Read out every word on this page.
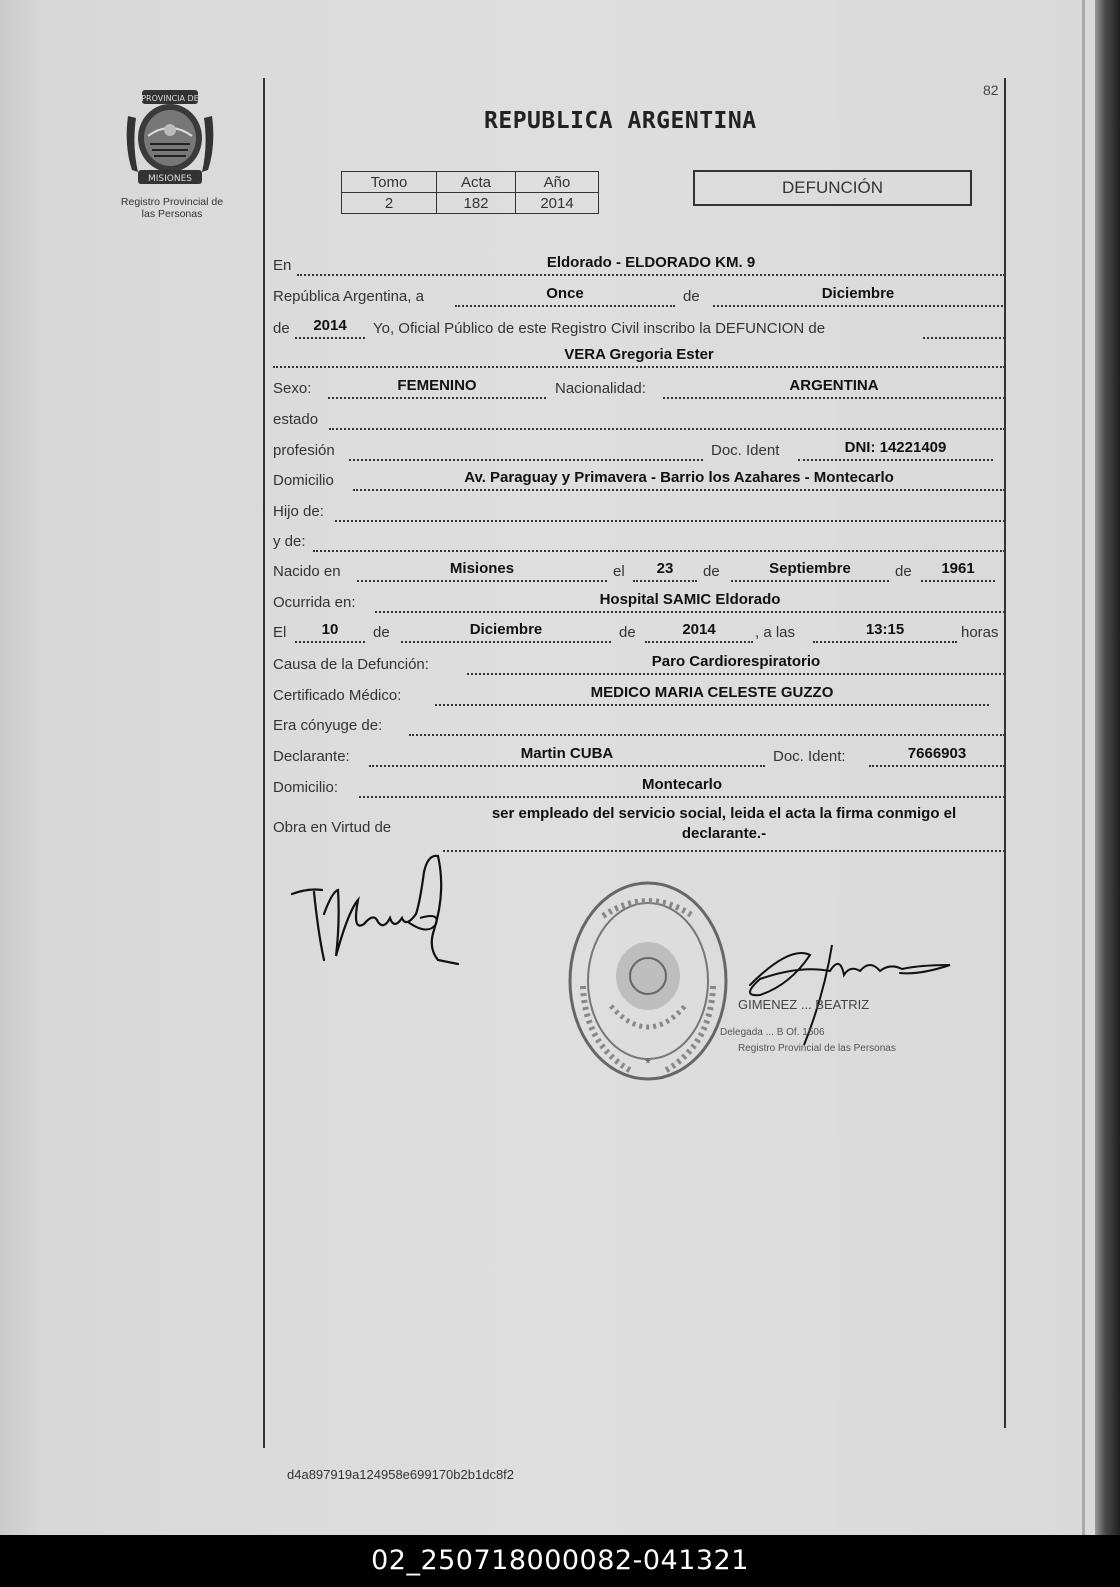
PROVINCIA DE
MISIONES
Registro Provincial de
las Personas
82
REPUBLICA ARGENTINA
Tomo	Acta	Año
2	182	2014
DEFUNCIÓN
En	Eldorado - ELDORADO KM. 9
República Argentina, a	Once	de	Diciembre
de	2014	Yo, Oficial Público de este Registro Civil inscribo la DEFUNCION de
VERA Gregoria Ester
Sexo:	FEMENINO	Nacionalidad:	ARGENTINA
estado
profesión	Doc. Ident	DNI: 14221409
Domicilio	Av. Paraguay y Primavera - Barrio los Azahares - Montecarlo
Hijo de:
y de:
Nacido en	Misiones	el	23	de	Septiembre	de	1961
Ocurrida en:	Hospital SAMIC Eldorado
El	10	de	Diciembre	de	2014	, a las	13:15	horas
Causa de la Defunción:	Paro Cardiorespiratorio
Certificado Médico:	MEDICO MARIA CELESTE GUZZO
Era cónyuge de:
Declarante:	Martin CUBA	Doc. Ident:	7666903
Domicilio:	Montecarlo
Obra en Virtud de
ser empleado del servicio social, leida el acta la firma conmigo el
declarante.-
*
GIMENEZ ... BEATRIZ
Delegada ... B Of. 1506
Registro Provincial de las Personas
d4a897919a124958e699170b2b1dc8f2
02_250718000082-041321
